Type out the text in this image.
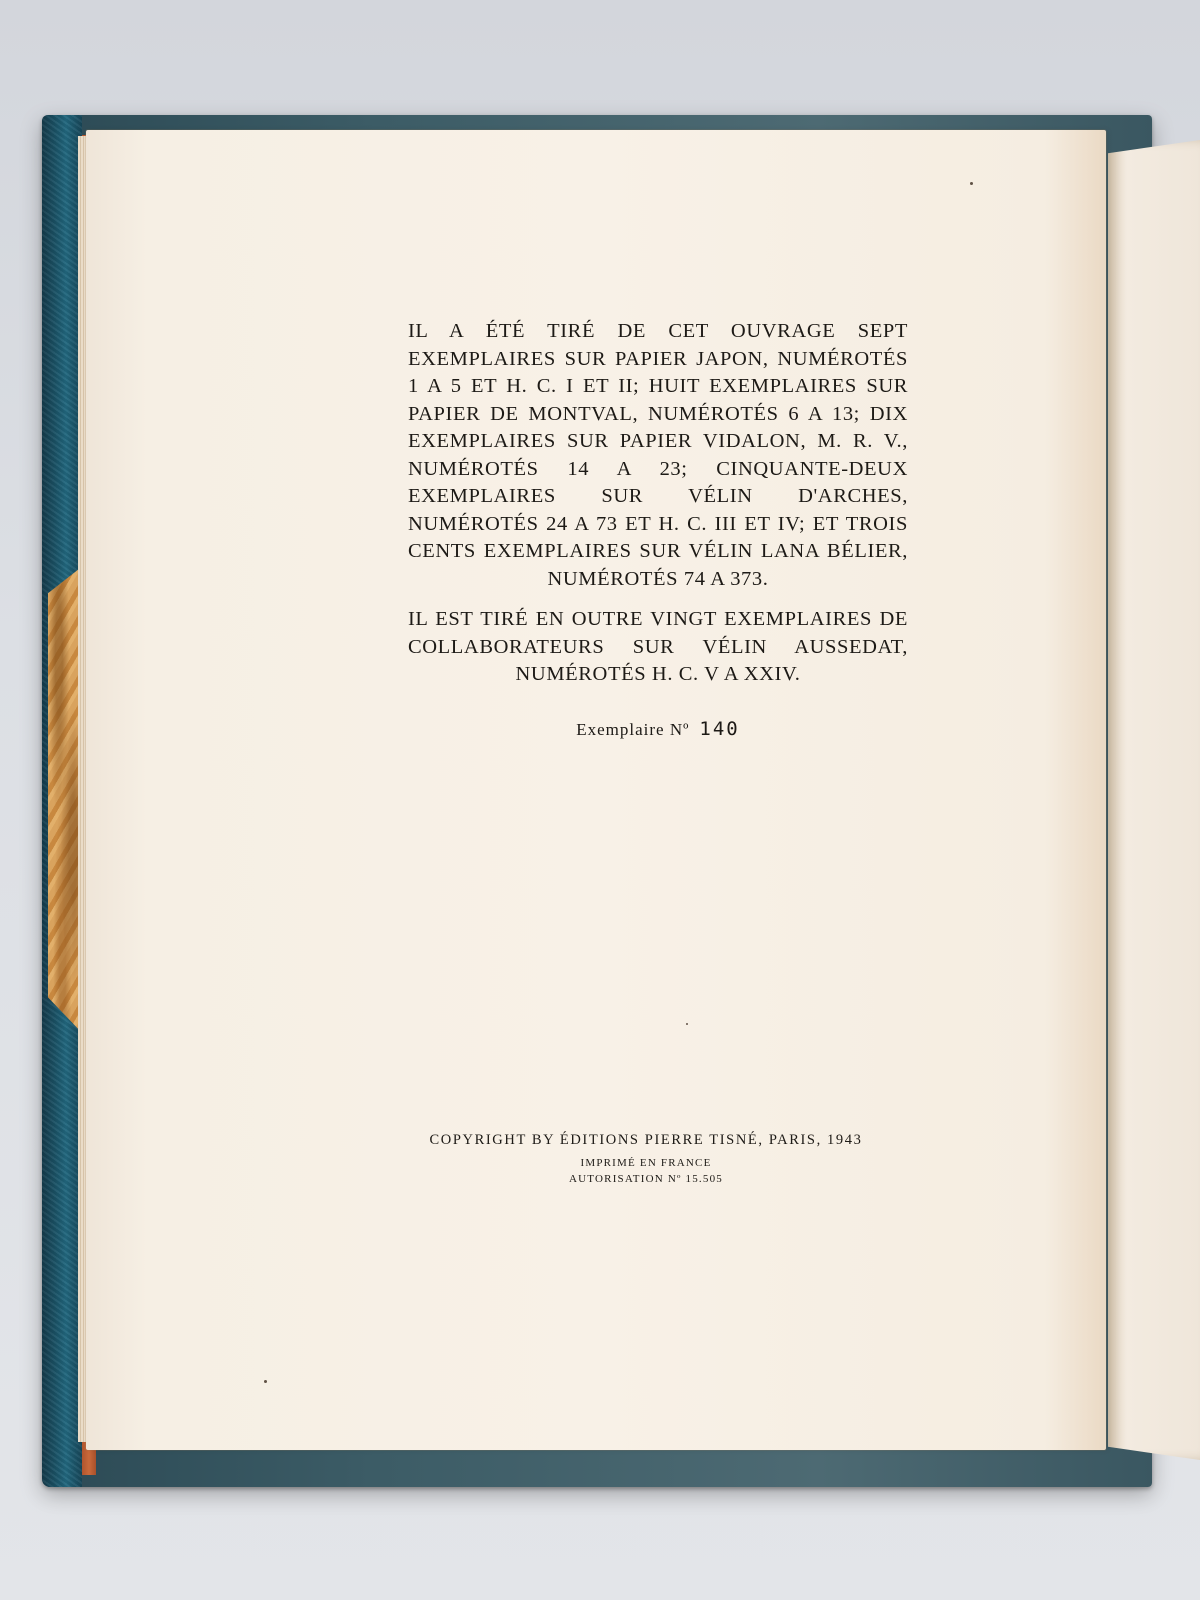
IL A ÉTÉ TIRÉ DE CET OUVRAGE SEPT EXEMPLAIRES SUR PAPIER JAPON, NUMÉROTÉS 1 A 5 ET H. C. I ET II; HUIT EXEMPLAIRES SUR PAPIER DE MONTVAL, NUMÉROTÉS 6 A 13; DIX EXEMPLAIRES SUR PAPIER VIDALON, M. R. V., NUMÉROTÉS 14 A 23; CINQUANTE-DEUX EXEMPLAIRES SUR VÉLIN D'ARCHES, NUMÉROTÉS 24 A 73 ET H. C. III ET IV; ET TROIS CENTS EXEMPLAIRES SUR VÉLIN LANA BÉLIER, NUMÉROTÉS 74 A 373.

IL EST TIRÉ EN OUTRE VINGT EXEMPLAIRES DE COLLABORATEURS SUR VÉLIN AUSSEDAT, NUMÉROTÉS H. C. V A XXIV.

Exemplaire Nº 140

COPYRIGHT BY ÉDITIONS PIERRE TISNÉ, PARIS, 1943

IMPRIMÉ EN FRANCE

AUTORISATION Nº 15.505
